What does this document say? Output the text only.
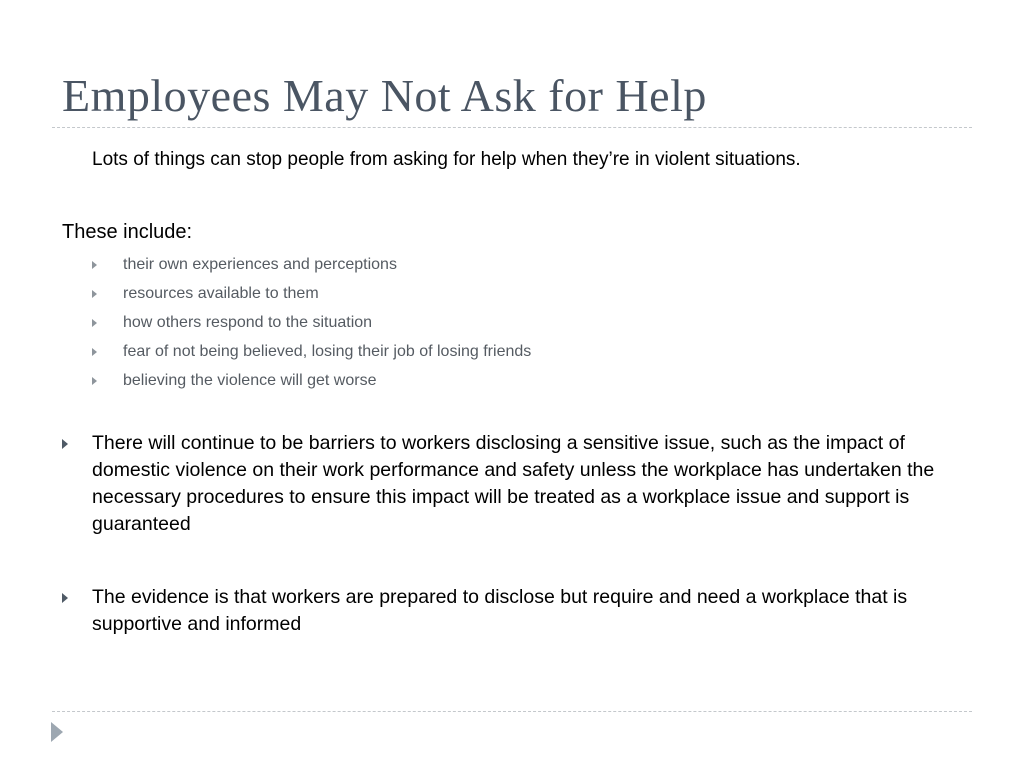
Employees May Not Ask for Help
Lots of things can stop people from asking for help when they’re in violent situations.
These include:
their own experiences and perceptions
resources available to them
how others respond to the situation
fear of not being believed, losing their job of losing friends
believing the violence will get worse
There will continue to be barriers to workers disclosing a sensitive issue, such as the impact of domestic violence on their work performance and safety unless the workplace has undertaken the necessary procedures to ensure this impact will be treated as a workplace issue and support is guaranteed
The evidence is that workers are prepared to disclose but require and need a workplace that is supportive and informed
